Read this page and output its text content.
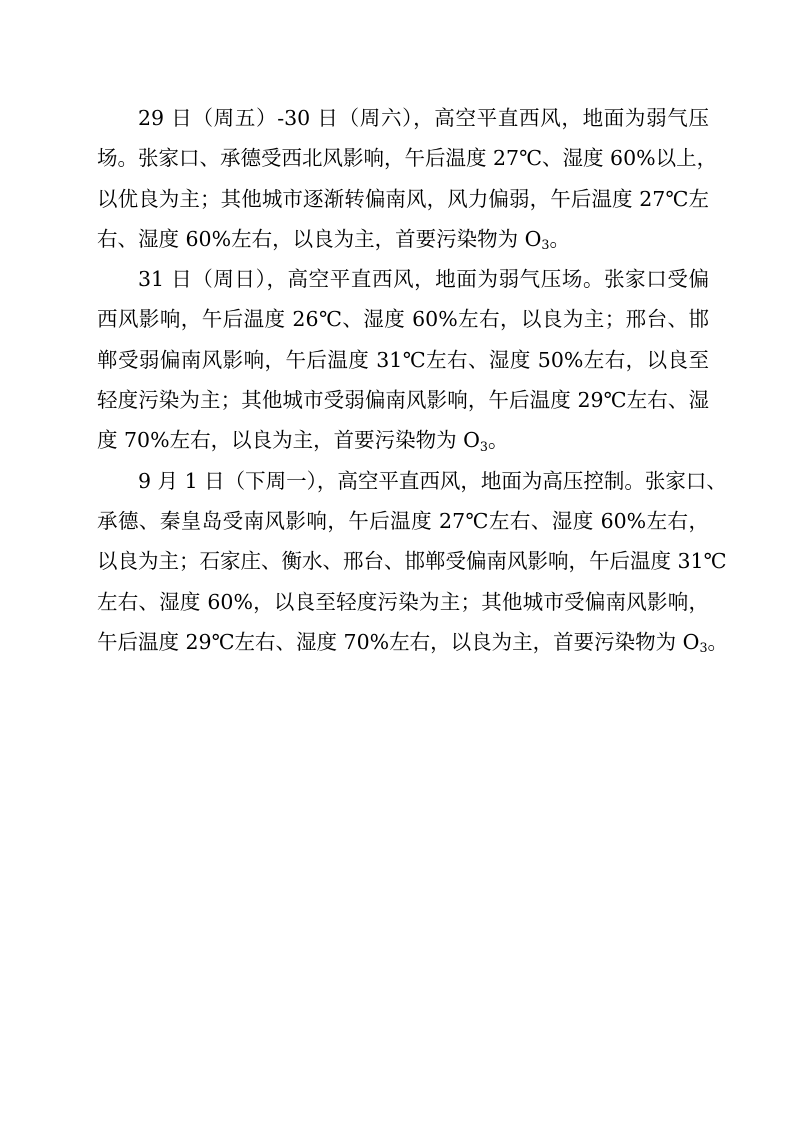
29 日（周五）-30 日（周六），高空平直西风，地面为弱气压
场。张家口、承德受西北风影响，午后温度 27℃、湿度 60%以上，
以优良为主；其他城市逐渐转偏南风，风力偏弱，午后温度 27℃左
右、湿度 60%左右，以良为主，首要污染物为 O3。
31 日（周日），高空平直西风，地面为弱气压场。张家口受偏
西风影响，午后温度 26℃、湿度 60%左右，以良为主；邢台、邯
郸受弱偏南风影响，午后温度 31℃左右、湿度 50%左右，以良至
轻度污染为主；其他城市受弱偏南风影响，午后温度 29℃左右、湿
度 70%左右，以良为主，首要污染物为 O3。
9 月 1 日（下周一），高空平直西风，地面为高压控制。张家口、
承德、秦皇岛受南风影响，午后温度 27℃左右、湿度 60%左右，
以良为主；石家庄、衡水、邢台、邯郸受偏南风影响，午后温度 31℃
左右、湿度 60%，以良至轻度污染为主；其他城市受偏南风影响，
午后温度 29℃左右、湿度 70%左右，以良为主，首要污染物为 O3。
